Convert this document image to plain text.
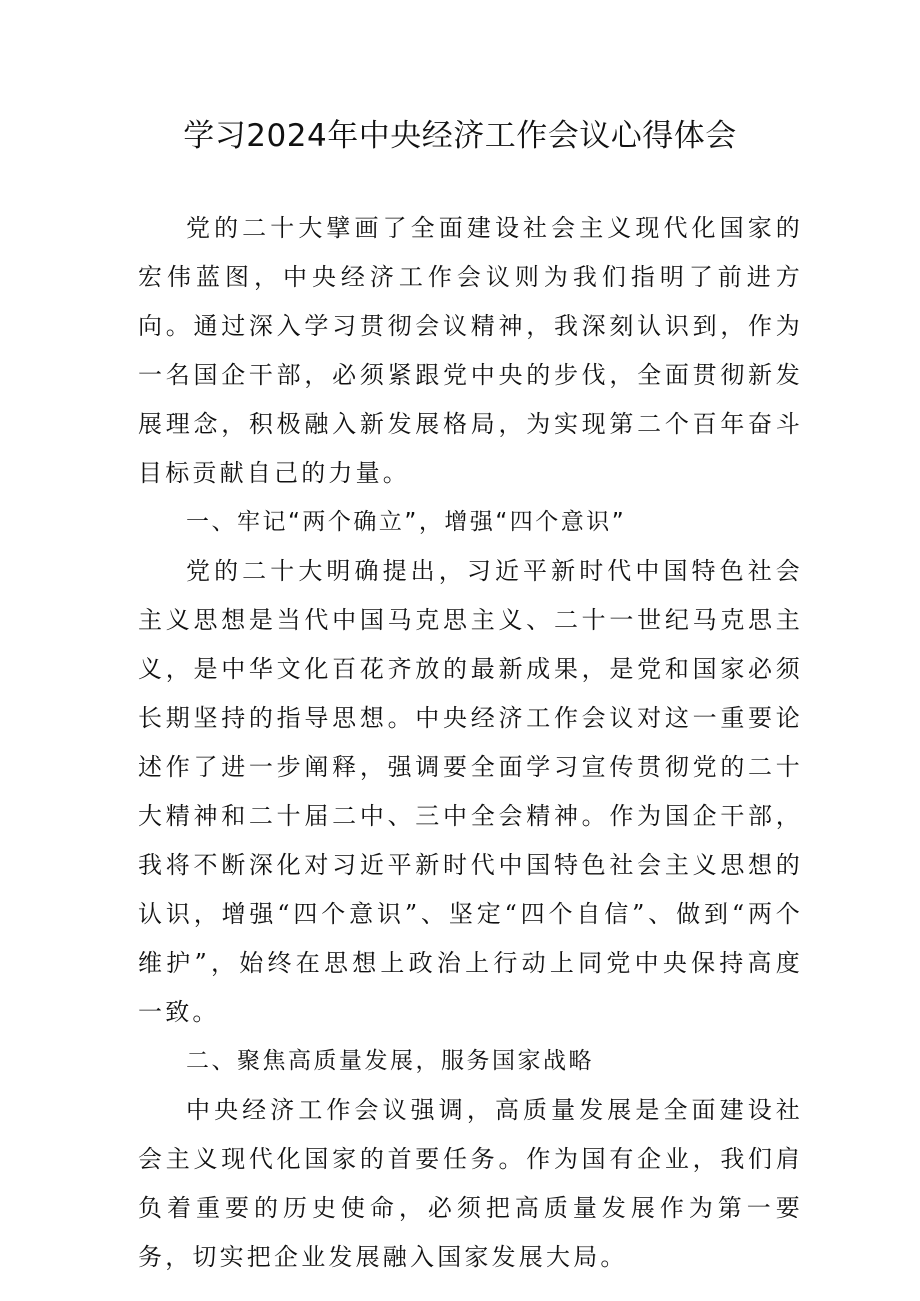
学习2024年中央经济工作会议心得体会

党的二十大擘画了全面建设社会主义现代化国家的宏伟蓝图，中央经济工作会议则为我们指明了前进方向。通过深入学习贯彻会议精神，我深刻认识到，作为一名国企干部，必须紧跟党中央的步伐，全面贯彻新发展理念，积极融入新发展格局，为实现第二个百年奋斗目标贡献自己的力量。

一、牢记“两个确立”，增强“四个意识”

党的二十大明确提出，习近平新时代中国特色社会主义思想是当代中国马克思主义、二十一世纪马克思主义，是中华文化百花齐放的最新成果，是党和国家必须长期坚持的指导思想。中央经济工作会议对这一重要论述作了进一步阐释，强调要全面学习宣传贯彻党的二十大精神和二十届二中、三中全会精神。作为国企干部，我将不断深化对习近平新时代中国特色社会主义思想的认识，增强“四个意识”、坚定“四个自信”、做到“两个维护”，始终在思想上政治上行动上同党中央保持高度一致。

二、聚焦高质量发展，服务国家战略

中央经济工作会议强调，高质量发展是全面建设社会主义现代化国家的首要任务。作为国有企业，我们肩负着重要的历史使命，必须把高质量发展作为第一要务，切实把企业发展融入国家发展大局。
